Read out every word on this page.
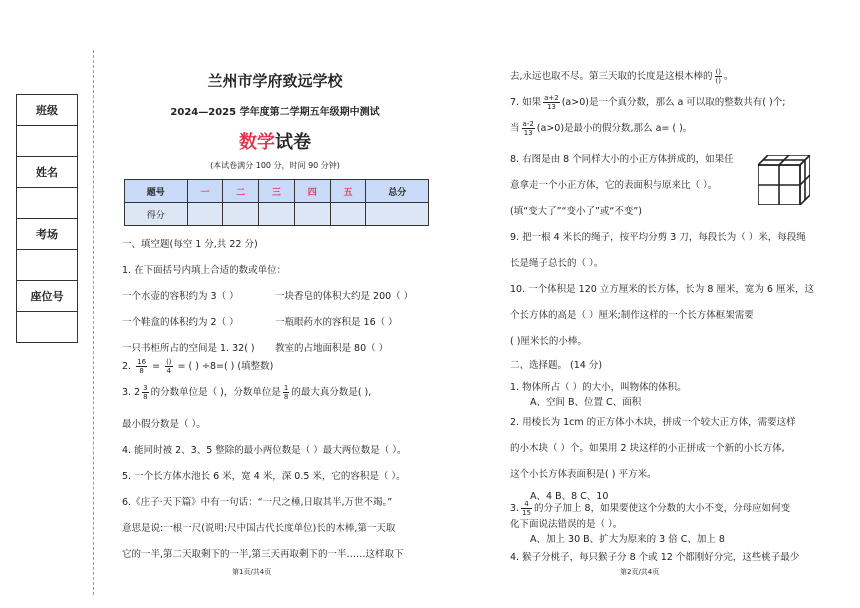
班级
姓名
考场
座位号
兰州市学府致远学校
2024—2025 学年度第二学期五年级期中测试
数学试卷
(本试卷满分 100 分，时间 90 分钟)
题号	一	二	三	四	五	总分
得分						
一、填空题(每空 1 分,共 22 分)
1. 在下面括号内填上合适的数或单位：
一个水壶的容积约为 3（ ）	一块香皂的体积大约是 200（ ）
一个鞋盒的体积约为 2（ ）	一瓶眼药水的容积是 16（ ）
一只书柜所占的空间是 1. 32( ) 教室的占地面积是 80（ ）
2. $\frac{16}{8} = \frac{()}{4}$ = ( ) ÷8=( ) (填整数)
3. $2 \frac{3}{8}$ 的分数单位是（ )，分数单位是 $\frac{1}{8}$ 的最大真分数是( ),
最小假分数是（ ）。
4. 能同时被 2、3、5 整除的最小两位数是（ ）最大两位数是（ ）。
5. 一个长方体水池长 6 米，宽 4 米，深 0.5 米，它的容积是（ ）。
6.《庄子·天下篇》中有一句话：“一尺之棰,日取其半,万世不竭。”
意思是说:一根一尺(说明:尺中国古代长度单位)长的木棒,第一天取
它的一半,第二天取剩下的一半,第三天再取剩下的一半……这样取下
第1页/共4页
去,永远也取不尽。第三天取的长度是这根木棒的 $\frac{()}{()}$ 。
7. 如果 $\frac{a+2}{13} (a>0)$是一个真分数，那么 a 可以取的整数共有( )个;
当 $\frac{a-2}{13} (a>0)$是最小的假分数,那么 a= ( )。
8. 右图是由 8 个同样大小的小正方体拼成的，如果任
意拿走一个小正方体，它的表面积与原来比（ ）。
(填“变大了”“变小了”或“不变”)
9. 把一根 4 米长的绳子，按平均分剪 3 刀，每段长为（ ）米，每段绳
长是绳子总长的（ ）。
10. 一个体积是 120 立方厘米的长方体，长为 8 厘米，宽为 6 厘米，这
个长方体的高是（ ）厘米;制作这样的一个长方体框架需要
( )厘米长的小棒。
二、选择题。 (14 分)
1. 物体所占（ ）的大小，叫物体的体积。
A、空间 B、位置 C、面积
2. 用棱长为 1cm 的正方体小木块，拼成一个较大正方体，需要这样
的小木块（ ）个。如果用 2 块这样的小正拼成一个新的小长方体,
这个小长方体表面积是( ) 平方米。
A、4 B、8 C、10
3. $\frac{4}{15}$ 的分子加上 8，如果要使这个分数的大小不变，分母应如何变
化下面说法错误的是（ ）。
A、加上 30 B、扩大为原来的 3 倍 C、加上 8
4. 猴子分桃子，每只猴子分 8 个或 12 个都刚好分完，这些桃子最少
第2页/共4页
